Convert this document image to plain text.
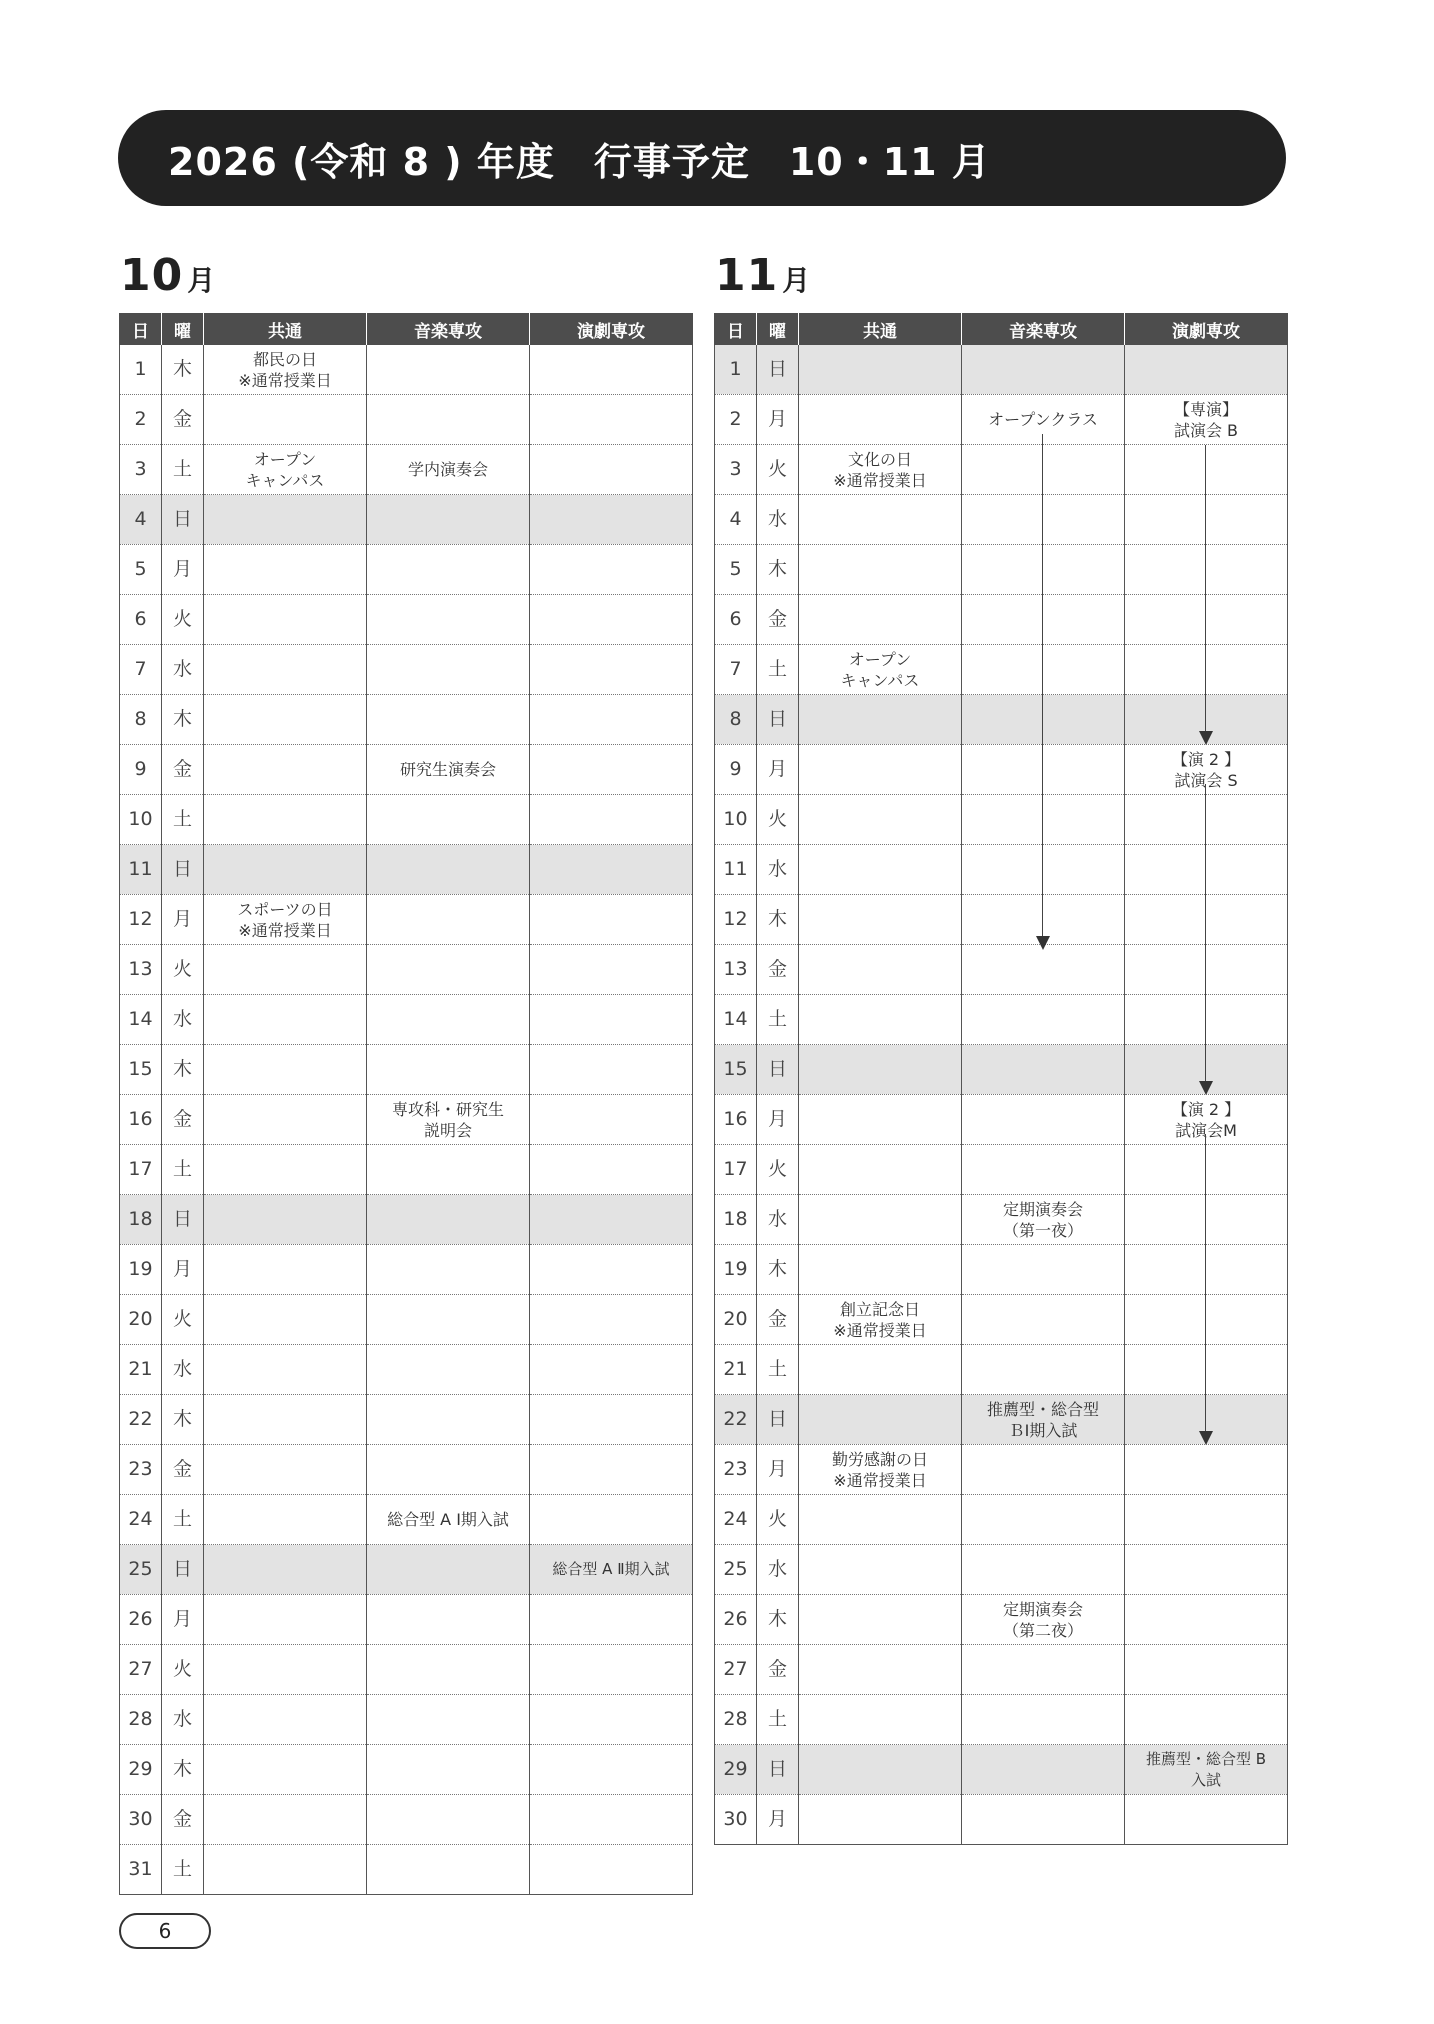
2026 (令和 8 ) 年度　行事予定　10・11 月
10 月	11 月
日	曜	共通	音楽専攻	演劇専攻
1	木	都民の日
※通常授業日		
2	金			
3	土	オープン
キャンパス	学内演奏会	
4	日			
5	月			
6	火			
7	水			
8	木			
9	金		研究生演奏会	
10	土			
11	日			
12	月	スポーツの日
※通常授業日		
13	火			
14	水			
15	木			
16	金		専攻科・研究生
説明会	
17	土			
18	日			
19	月			
20	火			
21	水			
22	木			
23	金			
24	土		総合型 A Ⅰ期入試	
25	日			総合型 A Ⅱ期入試
26	月			
27	火			
28	水			
29	木			
30	金			
31	土			
日	曜	共通	音楽専攻	演劇専攻
1	日			
2	月		オープンクラス	【専演】
試演会 B
3	火	文化の日
※通常授業日		
4	水			
5	木			
6	金			
7	土	オープン
キャンパス		
8	日			
9	月			【演 2 】
試演会 S
10	火			
11	水			
12	木			
13	金			
14	土			
15	日			
16	月			【演 2 】
試演会M
17	火			
18	水		定期演奏会
（第一夜）	
19	木			
20	金	創立記念日
※通常授業日		
21	土			
22	日		推薦型・総合型
ＢⅠ期入試	
23	月	勤労感謝の日
※通常授業日		
24	火			
25	水			
26	木		定期演奏会
（第二夜）	
27	金			
28	土			
29	日			推薦型・総合型 B
入試
30	月			
6
